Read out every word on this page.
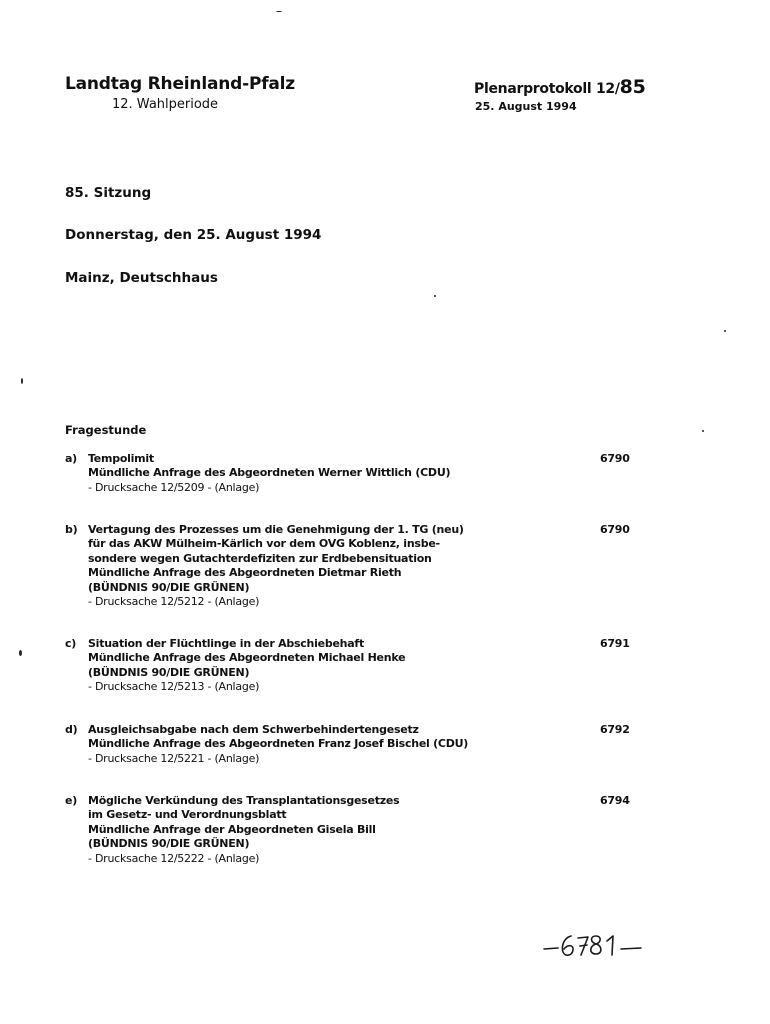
Landtag Rheinland-Pfalz
12. Wahlperiode
Plenarprotokoll 12/85
25. August 1994
85. Sitzung
Donnerstag, den 25. August 1994
Mainz, Deutschhaus
Fragestunde
a)	Tempolimit
Mündliche Anfrage des Abgeordneten Werner Wittlich (CDU)
- Drucksache 12/5209 - (Anlage)
6790
b) Vertagung des Prozesses um die Genehmigung der 1. TG (neu)
für das AKW Mülheim-Kärlich vor dem OVG Koblenz, insbe-
sondere wegen Gutachterdefiziten zur Erdbebensituation
Mündliche Anfrage des Abgeordneten Dietmar Rieth
(BÜNDNIS 90/DIE GRÜNEN)
- Drucksache 12/5212 - (Anlage)
6790
c)	Situation der Flüchtlinge in der Abschiebehaft
Mündliche Anfrage des Abgeordneten Michael Henke
(BÜNDNIS 90/DIE GRÜNEN)
- Drucksache 12/5213 - (Anlage)
6791
d) Ausgleichsabgabe nach dem Schwerbehindertengesetz
Mündliche Anfrage des Abgeordneten Franz Josef Bischel (CDU)
- Drucksache 12/5221 - (Anlage)
6792
e)	Mögliche Verkündung des Transplantationsgesetzes
im Gesetz- und Verordnungsblatt
Mündliche Anfrage der Abgeordneten Gisela Bill
(BÜNDNIS 90/DIE GRÜNEN)
- Drucksache 12/5222 - (Anlage)
6794
